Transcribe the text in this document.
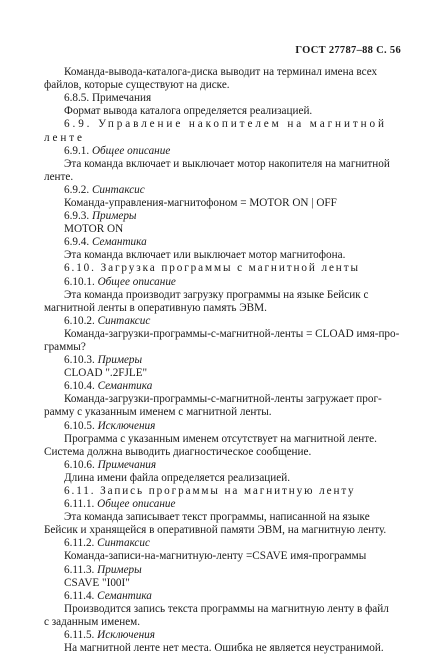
ГОСТ 27787–88 С. 56
Команда-вывода-каталога-диска выводит на терминал имена всех
файлов, которые существуют на диске.
6.8.5. Примечания
Формат вывода каталога определяется реализацией.
6.9. Управление накопителем на магнитной
ленте
6.9.1. Общее описание
Эта команда включает и выключает мотор накопителя на магнитной
ленте.
6.9.2. Синтаксис
Команда-управления-магнитофоном = MOTOR ON | OFF
6.9.3. Примеры
MOTOR ON
6.9.4. Семантика
Эта команда включает или выключает мотор магнитофона.
6.10. Загрузка программы с магнитной ленты
6.10.1. Общее описание
Эта команда производит загрузку программы на языке Бейсик с
магнитной ленты в оперативную память ЭВМ.
6.10.2. Синтаксис
Команда-загрузки-программы-с-магнитной-ленты = CLOAD имя-про-
граммы?
6.10.3. Примеры
CLOAD ".2FJLE"
6.10.4. Семантика
Команда-загрузки-программы-с-магнитной-ленты загружает прог-
рамму с указанным именем с магнитной ленты.
6.10.5. Исключения
Программа с указанным именем отсутствует на магнитной ленте.
Система должна выводить диагностическое сообщение.
6.10.6. Примечания
Длина имени файла определяется реализацией.
6.11. Запись программы на магнитную ленту
6.11.1. Общее описание
Эта команда записывает текст программы, написанной на языке
Бейсик и хранящейся в оперативной памяти ЭВМ, на магнитную ленту.
6.11.2. Синтаксис
Команда-записи-на-магнитную-ленту =CSAVE имя-программы
6.11.3. Примеры
CSAVE "I00I"
6.11.4. Семантика
Производится запись текста программы на магнитную ленту в файл
с заданным именем.
6.11.5. Исключения
На магнитной ленте нет места. Ошибка не является неустранимой.
